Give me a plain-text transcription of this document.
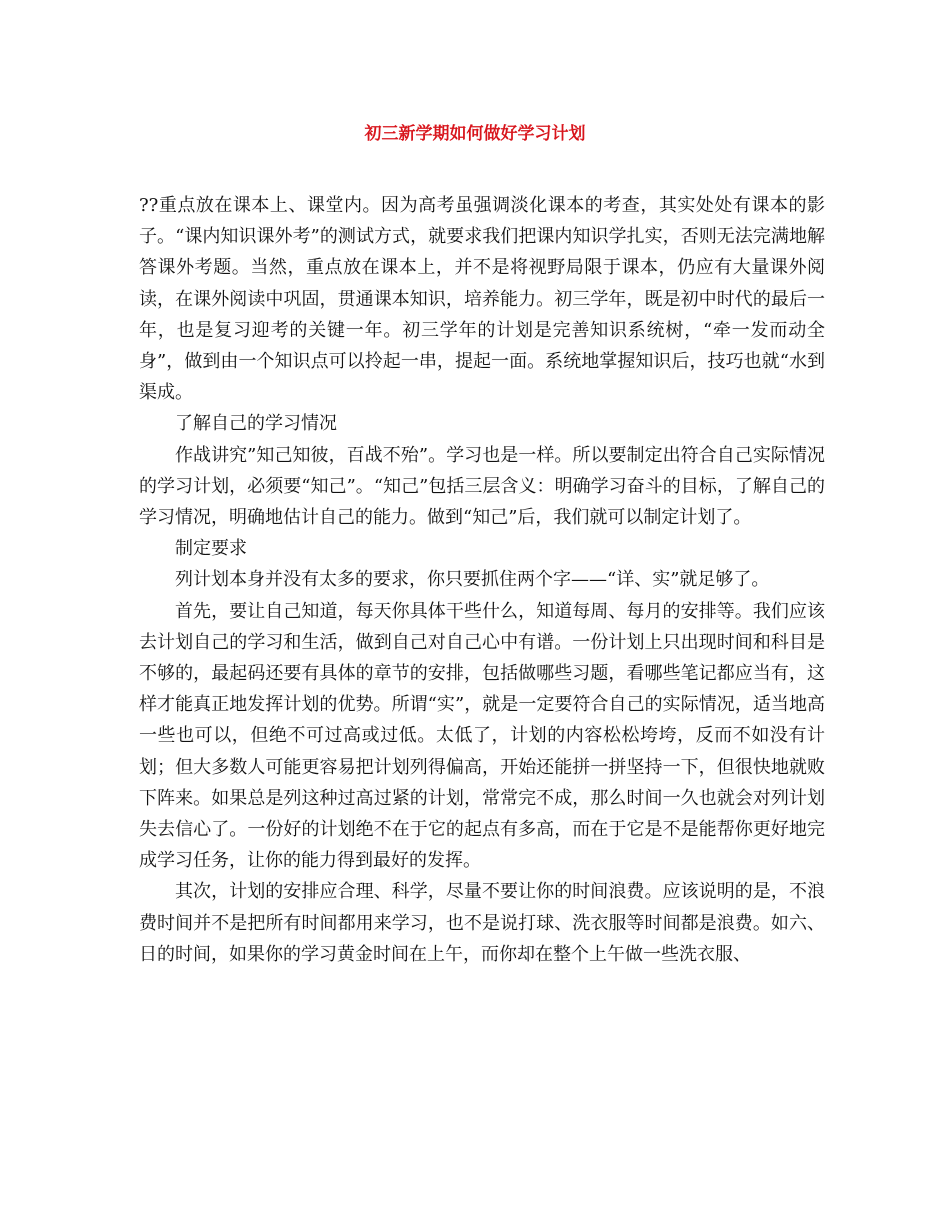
初三新学期如何做好学习计划

??重点放在课本上、课堂内。因为高考虽强调淡化课本的考查，其实处处有课本的影子。“课内知识课外考”的测试方式，就要求我们把课内知识学扎实，否则无法完满地解答课外考题。当然，重点放在课本上，并不是将视野局限于课本，仍应有大量课外阅读，在课外阅读中巩固，贯通课本知识，培养能力。初三学年，既是初中时代的最后一年，也是复习迎考的关键一年。初三学年的计划是完善知识系统树，“牵一发而动全身”，做到由一个知识点可以拎起一串，提起一面。系统地掌握知识后，技巧也就“水到渠成。

了解自己的学习情况

作战讲究”知己知彼，百战不殆”。学习也是一样。所以要制定出符合自己实际情况的学习计划，必须要“知己”。“知己”包括三层含义：明确学习奋斗的目标，了解自己的学习情况，明确地估计自己的能力。做到“知己”后，我们就可以制定计划了。

制定要求

列计划本身并没有太多的要求，你只要抓住两个字——“详、实”就足够了。

首先，要让自己知道，每天你具体干些什么，知道每周、每月的安排等。我们应该去计划自己的学习和生活，做到自己对自己心中有谱。一份计划上只出现时间和科目是不够的，最起码还要有具体的章节的安排，包括做哪些习题，看哪些笔记都应当有，这样才能真正地发挥计划的优势。所谓“实”，就是一定要符合自己的实际情况，适当地高一些也可以，但绝不可过高或过低。太低了，计划的内容松松垮垮，反而不如没有计划；但大多数人可能更容易把计划列得偏高，开始还能拼一拼坚持一下，但很快地就败下阵来。如果总是列这种过高过紧的计划，常常完不成，那么时间一久也就会对列计划失去信心了。一份好的计划绝不在于它的起点有多高，而在于它是不是能帮你更好地完成学习任务，让你的能力得到最好的发挥。

其次，计划的安排应合理、科学，尽量不要让你的时间浪费。应该说明的是，不浪费时间并不是把所有时间都用来学习，也不是说打球、洗衣服等时间都是浪费。如六、日的时间，如果你的学习黄金时间在上午，而你却在整个上午做一些洗衣服、
